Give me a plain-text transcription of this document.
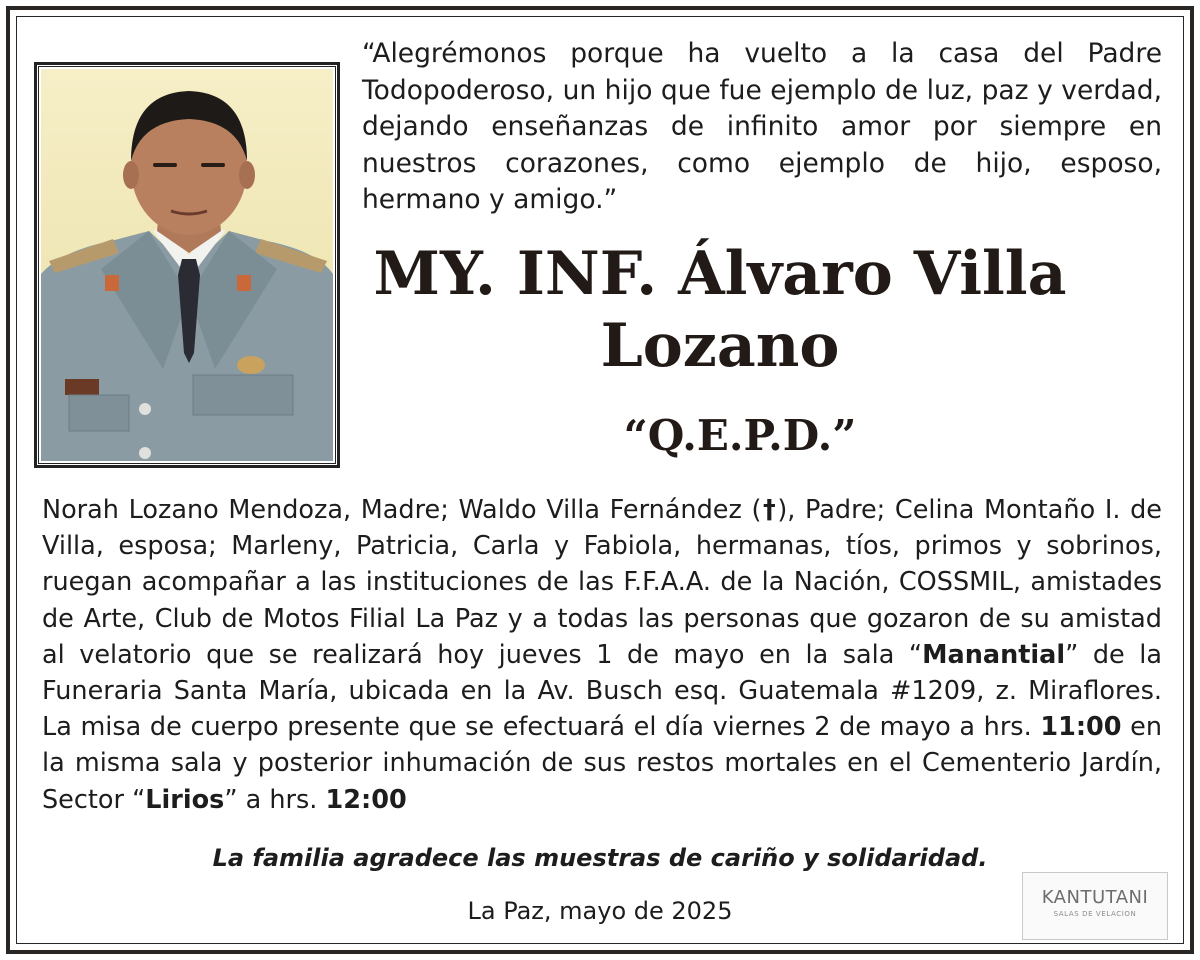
“Alegrémonos porque ha vuelto a la casa del Padre Todopoderoso, un hijo que fue ejemplo de luz, paz y verdad, dejando enseñanzas de infinito amor por siempre en nuestros corazones, como ejemplo de hijo, esposo, hermano y amigo.”
MY. INF. Álvaro Villa
Lozano
“Q.E.P.D.”
Norah Lozano Mendoza, Madre; Waldo Villa Fernández (†), Padre; Celina Montaño I. de Villa, esposa; Marleny, Patricia, Carla y Fabiola, hermanas, tíos, primos y sobrinos, ruegan acompañar a las instituciones de las F.F.A.A. de la Nación, COSSMIL, amistades de Arte, Club de Motos Filial La Paz y a todas las personas que gozaron de su amistad al velatorio que se realizará hoy jueves 1 de mayo en la sala “Manantial” de la Funeraria Santa María, ubicada en la Av. Busch esq. Guatemala #1209, z. Miraflores. La misa de cuerpo presente que se efectuará el día viernes 2 de mayo a hrs. 11:00 en la misma sala y posterior inhumación de sus restos mortales en el Cementerio Jardín, Sector “Lirios” a hrs. 12:00
La familia agradece las muestras de cariño y solidaridad.
La Paz, mayo de 2025	KANTUTANI
SALAS DE VELACION
